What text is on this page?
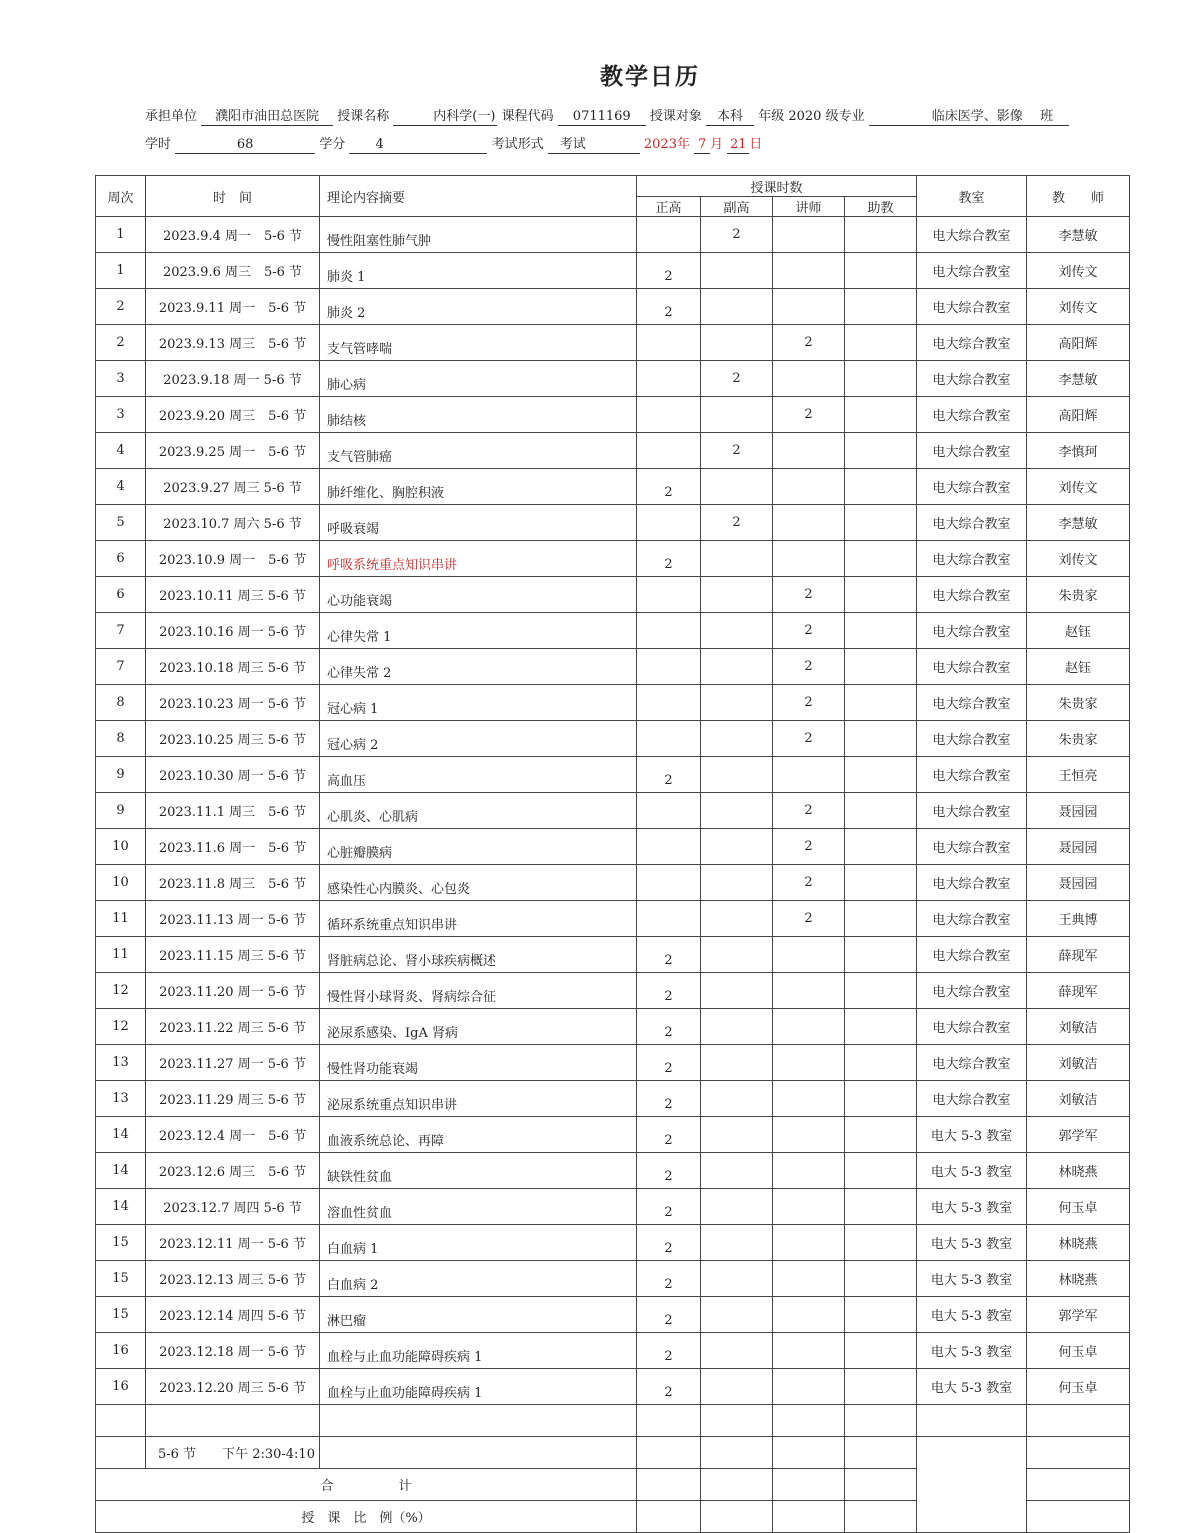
教学日历
承担单位 濮阳市油田总医院 授课名称	内科学(一) 课程代码 0711169 授课对象 本科 年级 2020 级专业	临床医学、影像 班
学时	68	学分 4	考试形式 考试	2023年 7 月 21 日
周次	时　间	理论内容摘要	授课时数				教室	教　　师
			正高	副高	讲师	助教		
1	2023.9.4 周一　5-6 节	慢性阻塞性肺气肿		2			电大综合教室	李慧敏
1	2023.9.6 周三　5-6 节	肺炎 1	2				电大综合教室	刘传文
2	2023.9.11 周一　5-6 节	肺炎 2	2				电大综合教室	刘传文
2	2023.9.13 周三　5-6 节	支气管哮喘			2		电大综合教室	高阳辉
3	2023.9.18 周一 5-6 节	肺心病		2			电大综合教室	李慧敏
3	2023.9.20 周三　5-6 节	肺结核			2		电大综合教室	高阳辉
4	2023.9.25 周一　5-6 节	支气管肺癌		2			电大综合教室	李慎珂
4	2023.9.27 周三 5-6 节	肺纤维化、胸腔积液	2				电大综合教室	刘传文
5	2023.10.7 周六 5-6 节	呼吸衰竭		2			电大综合教室	李慧敏
6	2023.10.9 周一　5-6 节	呼吸系统重点知识串讲	2				电大综合教室	刘传文
6	2023.10.11 周三 5-6 节	心功能衰竭			2		电大综合教室	朱贵家
7	2023.10.16 周一 5-6 节	心律失常 1			2		电大综合教室	赵钰
7	2023.10.18 周三 5-6 节	心律失常 2			2		电大综合教室	赵钰
8	2023.10.23 周一 5-6 节	冠心病 1			2		电大综合教室	朱贵家
8	2023.10.25 周三 5-6 节	冠心病 2			2		电大综合教室	朱贵家
9	2023.10.30 周一 5-6 节	高血压	2				电大综合教室	王恒亮
9	2023.11.1 周三　5-6 节	心肌炎、心肌病			2		电大综合教室	聂园园
10	2023.11.6 周一　5-6 节	心脏瓣膜病			2		电大综合教室	聂园园
10	2023.11.8 周三　5-6 节	感染性心内膜炎、心包炎			2		电大综合教室	聂园园
11	2023.11.13 周一 5-6 节	循环系统重点知识串讲			2		电大综合教室	王典博
11	2023.11.15 周三 5-6 节	肾脏病总论、肾小球疾病概述	2				电大综合教室	薛现军
12	2023.11.20 周一 5-6 节	慢性肾小球肾炎、肾病综合征	2				电大综合教室	薛现军
12	2023.11.22 周三 5-6 节	泌尿系感染、IgA 肾病	2				电大综合教室	刘敏洁
13	2023.11.27 周一 5-6 节	慢性肾功能衰竭	2				电大综合教室	刘敏洁
13	2023.11.29 周三 5-6 节	泌尿系统重点知识串讲	2				电大综合教室	刘敏洁
14	2023.12.4 周一　5-6 节	血液系统总论、再障	2				电大 5-3 教室	郭学军
14	2023.12.6 周三　5-6 节	缺铁性贫血	2				电大 5-3 教室	林晓燕
14	2023.12.7 周四 5-6 节	溶血性贫血	2				电大 5-3 教室	何玉卓
15	2023.12.11 周一 5-6 节	白血病 1	2				电大 5-3 教室	林晓燕
15	2023.12.13 周三 5-6 节	白血病 2	2				电大 5-3 教室	林晓燕
15	2023.12.14 周四 5-6 节	淋巴瘤	2				电大 5-3 教室	郭学军
16	2023.12.18 周一 5-6 节	血栓与止血功能障碍疾病 1	2				电大 5-3 教室	何玉卓
16	2023.12.20 周三 5-6 节	血栓与止血功能障碍疾病 1	2				电大 5-3 教室	何玉卓

	5-6 节　　下午 2:30-4:10							
合　　　　　计								
授　课　比　例（%）								
